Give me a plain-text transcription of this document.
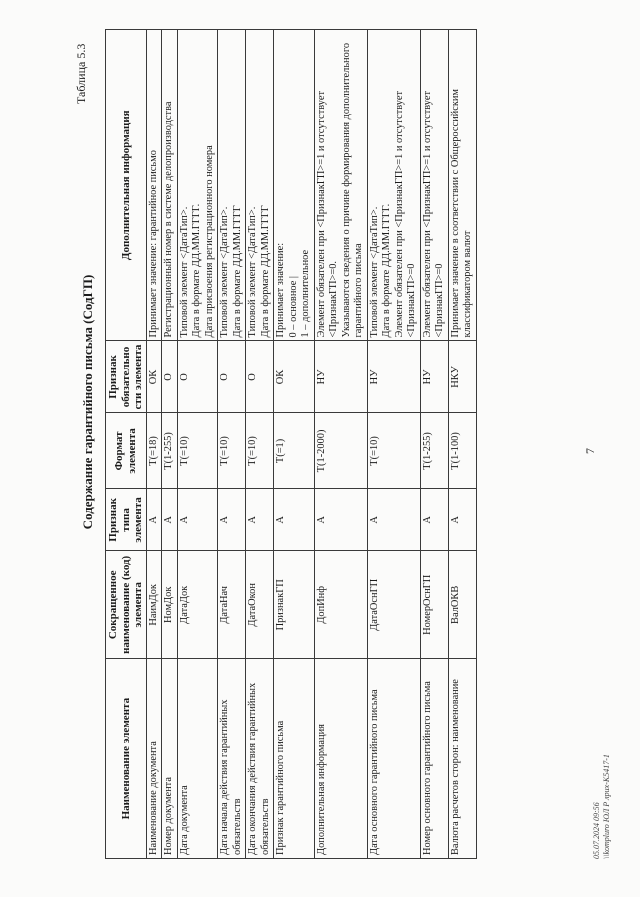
7
Таблица 5.3
Содержание гарантийного письма (СодГП)
Наименование элемента	Сокращенное наименование (код) элемента	Признак типа элемента	Формат элемента	Признак обязательно сти элемента	Дополнительная информация
Наименование документа	НаимДок	А	T(=18)	ОК	Принимает значение: гарантийное письмо

Номер документа	НомДок	А	T(1-255)	О	Регистрационный номер в системе делопроизводства

Дата документа	ДатаДок	А	T(=10)	О	Типовой элемент <ДатаТип>. Дата в формате ДД.ММ.ГГГГ. Дата присвоения регистрационного номера

Дата начала действия гарантийных обязательств	ДатаНач	А	T(=10)	О	Типовой элемент <ДатаТип>. Дата в формате ДД.ММ.ГГГГ

Дата окончания действия гарантийных обязательств	ДатаОкон	А	T(=10)	О	Типовой элемент <ДатаТип>. Дата в формате ДД.ММ.ГГГГ

Признак гарантийного письма	ПризнакГП	А	T(=1)	ОК	Принимает значение: 0 – основное | 1 – дополнительное

Дополнительная информация	ДопИнф	А	T(1-2000)	НУ	Элемент обязателен при <ПризнакГП>=1 и отсутствует <ПризнакГП>=0. Указываются сведения о причине формирования дополнительного гарантийного письма

Дата основного гарантийного письма	ДатаОснГП	А	T(=10)	НУ	Типовой элемент <ДатаТип>. Дата в формате ДД.ММ.ГГГГ. Элемент обязателен при <ПризнакГП>=1 и отсутствует <ПризнакГП>=0

Номер основного гарантийного письма	НомерОснГП	А	T(1-255)	НУ	Элемент обязателен при <ПризнакГП>=1 и отсутствует <ПризнакГП>=0

Валюта расчетов сторон: наименование	ВалОКВ	А	T(1-100)	НКУ	Принимает значение в соответствии с Общероссийским классификатором валют
05.07.2024 09:56 \\kompluro ЮЛ Р лрих-К5417-1
